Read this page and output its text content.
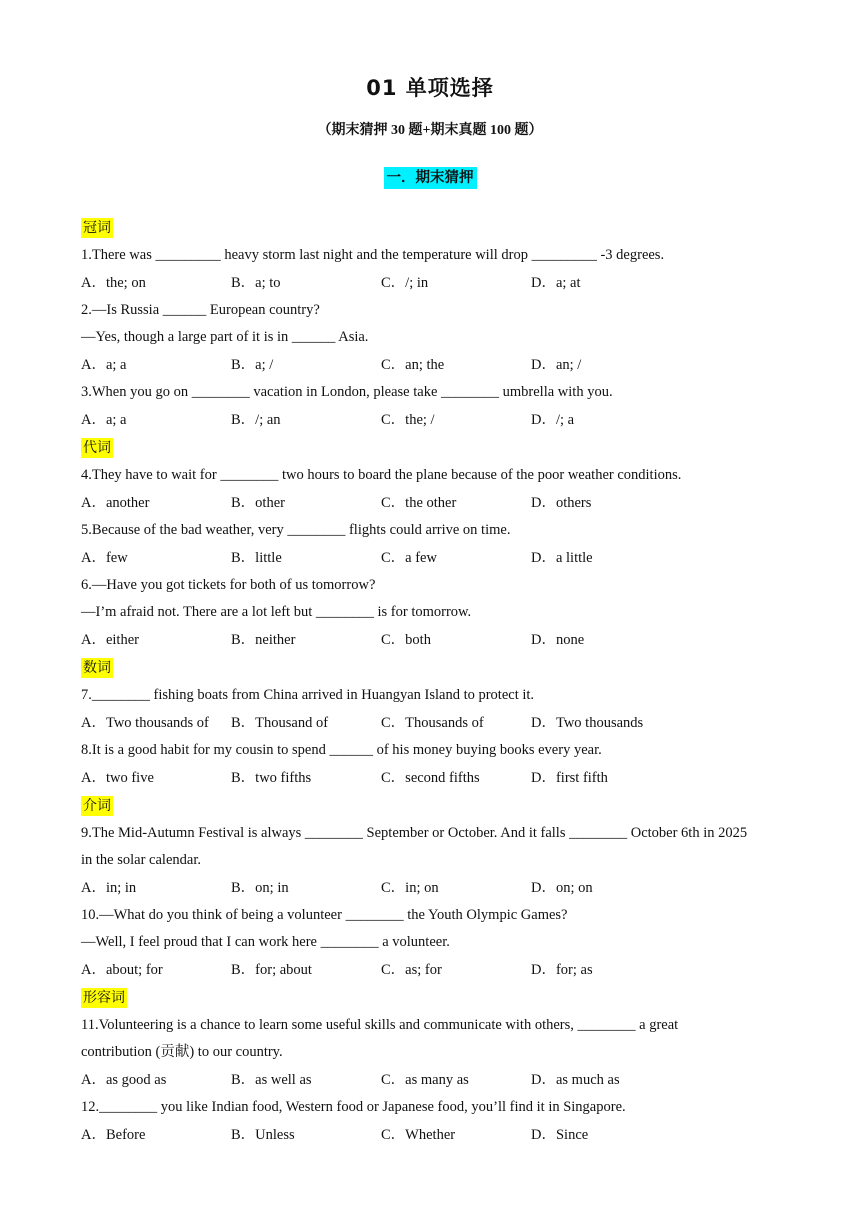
01 单项选择
（期末猜押 30 题+期末真题 100 题）
一．期末猜押
冠词
1.There was _________ heavy storm last night and the temperature will drop _________ -3 degrees.
A．the; on	B．a; to	C．/; in	D．a; at
2.—Is Russia ______ European country?
—Yes, though a large part of it is in ______ Asia.
A．a; a	B．a; /	C．an; the	D．an; /
3.When you go on ________ vacation in London, please take ________ umbrella with you.
A．a; a	B．/; an	C．the; /	D．/; a
代词
4.They have to wait for ________ two hours to board the plane because of the poor weather conditions.
A．another	B．other	C．the other	D．others
5.Because of the bad weather, very ________ flights could arrive on time.
A．few	B．little	C．a few	D．a little
6.—Have you got tickets for both of us tomorrow?
—I’m afraid not. There are a lot left but ________ is for tomorrow.
A．either	B．neither	C．both	D．none
数词
7.________ fishing boats from China arrived in Huangyan Island to protect it.
A．Two thousands of	B．Thousand of	C．Thousands of	D．Two thousands
8.It is a good habit for my cousin to spend ______ of his money buying books every year.
A．two five	B．two fifths	C．second fifths	D．first fifth
介词
9.The Mid-Autumn Festival is always ________ September or October. And it falls ________ October 6th in 2025
in the solar calendar.
A．in; in	B．on; in	C．in; on	D．on; on
10.—What do you think of being a volunteer ________ the Youth Olympic Games?
—Well, I feel proud that I can work here ________ a volunteer.
A．about; for	B．for; about	C．as; for	D．for; as
形容词
11.Volunteering is a chance to learn some useful skills and communicate with others, ________ a great
contribution (贡献) to our country.
A．as good as	B．as well as	C．as many as	D．as much as
12.________ you like Indian food, Western food or Japanese food, you’ll find it in Singapore.
A．Before	B．Unless	C．Whether	D．Since
